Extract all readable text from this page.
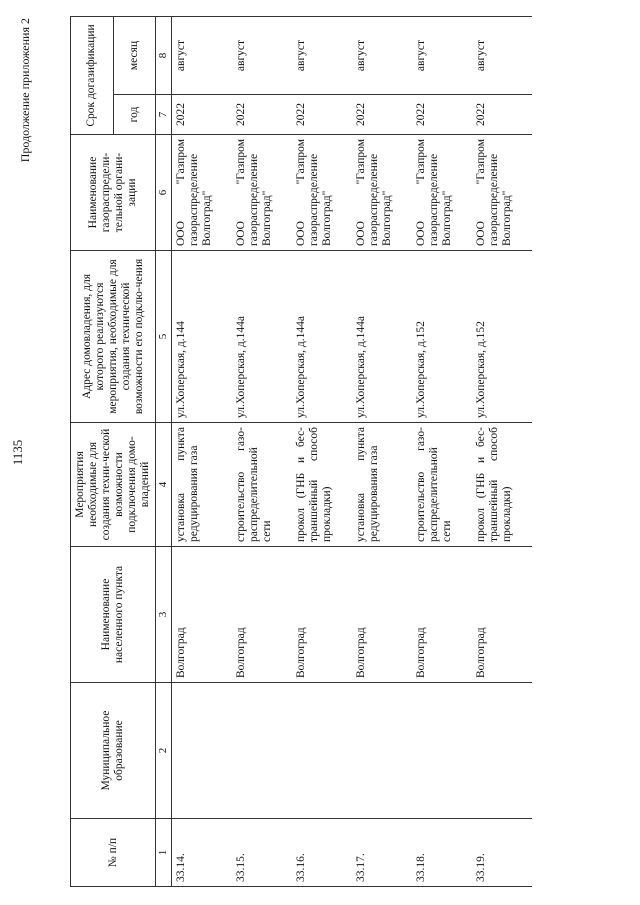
1135
Продолжение приложения 2
№ п/п	Муниципальное образование	Наименование населенного пункта	Мероприятия необходимые для создания техни-ческой возможности подключения домо-владений	Адрес домовладения, для которого реализуются мероприятия, необходимые для создания технической возможности его подклю-чения	Наименование газораспредели-тельной органи-зации	Срок догазификации	
						год	месяц
1	2	3	4	5	6	7	8
33.14.		Волгоград	установка пункта редуцирования газа	ул.Хоперская, д.144	ООО "Газпром газораспределение Волгоград"	2022	август
33.15.		Волгоград	строительство газо-распределительной сети	ул.Хоперская, д.144а	ООО "Газпром газораспределение Волгоград"	2022	август
33.16.		Волгоград	прокол (ГНБ и бес-траншейный способ прокладки)	ул.Хоперская, д.144а	ООО "Газпром газораспределение Волгоград"	2022	август
33.17.		Волгоград	установка пункта редуцирования газа	ул.Хоперская, д.144а	ООО "Газпром газораспределение Волгоград"	2022	август
33.18.		Волгоград	строительство газо-распределительной сети	ул.Хоперская, д.152	ООО "Газпром газораспределение Волгоград"	2022	август
33.19.		Волгоград	прокол (ГНБ и бес-траншейный способ прокладки)	ул.Хоперская, д.152	ООО "Газпром газораспределение Волгоград"	2022	август
